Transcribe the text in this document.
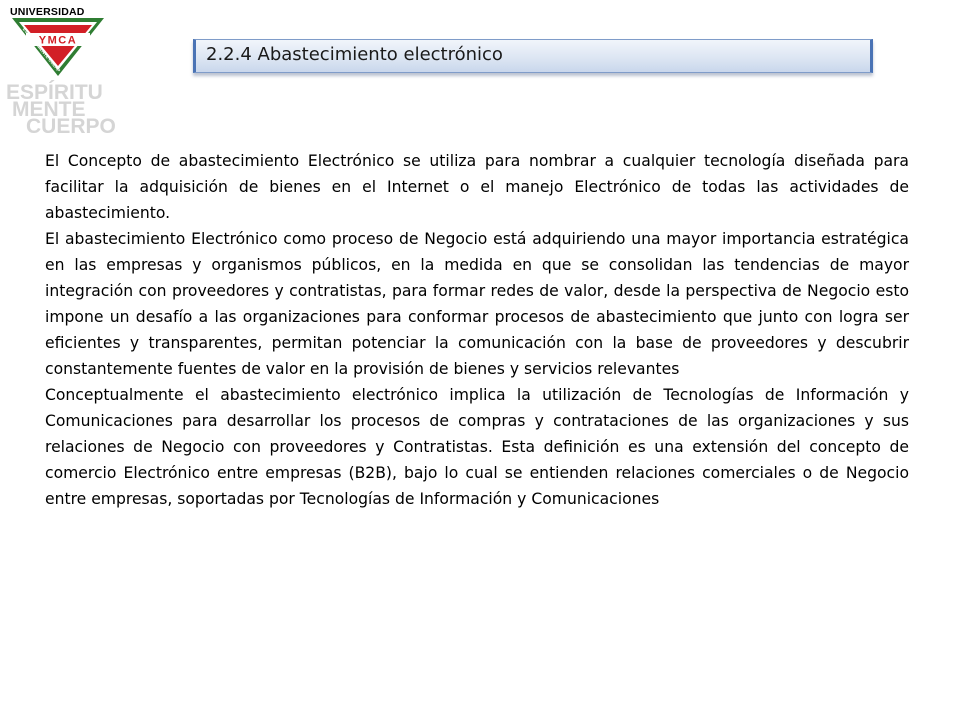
UNIVERSIDAD
YMCA
ESPIRITU MENTE CUERP
ESPÍRITU
MENTE
CUERPO
2.2.4 Abastecimiento electrónico

El Concepto de abastecimiento Electrónico se utiliza para nombrar a cualquier tecnología diseñada para facilitar la adquisición de bienes en el Internet o el manejo Electrónico de todas las actividades de abastecimiento.

El abastecimiento Electrónico como proceso de Negocio está adquiriendo una mayor importancia estratégica en las empresas y organismos públicos, en la medida en que se consolidan las tendencias de mayor integración con proveedores y contratistas, para formar redes de valor, desde la perspectiva de Negocio esto impone un desafío a las organizaciones para conformar procesos de abastecimiento que junto con logra ser eficientes y transparentes, permitan potenciar la comunicación con la base de proveedores y descubrir constantemente fuentes de valor en la provisión de bienes y servicios relevantes

Conceptualmente el abastecimiento electrónico implica la utilización de Tecnologías de Información y Comunicaciones para desarrollar los procesos de compras y contrataciones de las organizaciones y sus relaciones de Negocio con proveedores y Contratistas. Esta definición es una extensión del concepto de comercio Electrónico entre empresas (B2B), bajo lo cual se entienden relaciones comerciales o de Negocio entre empresas, soportadas por Tecnologías de Información y Comunicaciones
